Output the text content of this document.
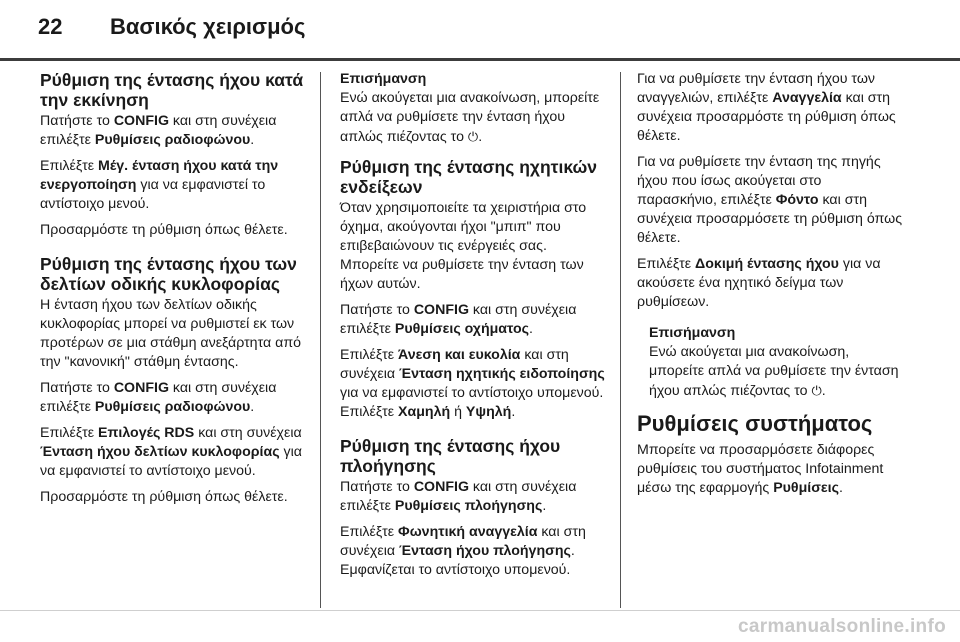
22 Βασικός χειρισμός
Ρύθμιση της έντασης ήχου κατά την εκκίνηση

Πατήστε το CONFIG και στη συνέχεια επιλέξτε Ρυθμίσεις ραδιοφώνου.

Επιλέξτε Μέγ. ένταση ήχου κατά την ενεργοποίηση για να εμφανιστεί το αντίστοιχο μενού.

Προσαρμόστε τη ρύθμιση όπως θέλετε.

Ρύθμιση της έντασης ήχου των δελτίων οδικής κυκλοφορίας

Η ένταση ήχου των δελτίων οδικής κυκλοφορίας μπορεί να ρυθμιστεί εκ των προτέρων σε μια στάθμη ανεξάρτητα από την "κανονική" στάθμη έντασης.

Πατήστε το CONFIG και στη συνέχεια επιλέξτε Ρυθμίσεις ραδιοφώνου.

Επιλέξτε Επιλογές RDS και στη συνέχεια Ένταση ήχου δελτίων κυκλοφορίας για να εμφανιστεί το αντίστοιχο μενού.

Προσαρμόστε τη ρύθμιση όπως θέλετε.

Επισήμανση
Ενώ ακούγεται μια ανακοίνωση, μπορείτε απλά να ρυθμίσετε την ένταση ήχου απλώς πιέζοντας το ⏻.
Ρύθμιση της έντασης ηχητικών ενδείξεων

Όταν χρησιμοποιείτε τα χειριστήρια στο όχημα, ακούγονται ήχοι "μπιπ" που επιβεβαιώνουν τις ενέργειές σας. Μπορείτε να ρυθμίσετε την ένταση των ήχων αυτών.

Πατήστε το CONFIG και στη συνέχεια επιλέξτε Ρυθμίσεις οχήματος.

Επιλέξτε Άνεση και ευκολία και στη συνέχεια Ένταση ηχητικής ειδοποίησης για να εμφανιστεί το αντίστοιχο υπομενού. Επιλέξτε Χαμηλή ή Υψηλή.

Ρύθμιση της έντασης ήχου πλοήγησης

Πατήστε το CONFIG και στη συνέχεια επιλέξτε Ρυθμίσεις πλοήγησης.

Επιλέξτε Φωνητική αναγγελία και στη συνέχεια Ένταση ήχου πλοήγησης. Εμφανίζεται το αντίστοιχο υπομενού.

Για να ρυθμίσετε την ένταση ήχου των αναγγελιών, επιλέξτε Αναγγελία και στη συνέχεια προσαρμόστε τη ρύθμιση όπως θέλετε.

Για να ρυθμίσετε την ένταση της πηγής ήχου που ίσως ακούγεται στο παρασκήνιο, επιλέξτε Φόντο και στη συνέχεια προσαρμόσετε τη ρύθμιση όπως θέλετε.

Επιλέξτε Δοκιμή έντασης ήχου για να ακούσετε ένα ηχητικό δείγμα των ρυθμίσεων.

Επισήμανση
Ενώ ακούγεται μια ανακοίνωση, μπορείτε απλά να ρυθμίσετε την ένταση ήχου απλώς πιέζοντας το ⏻.
Ρυθμίσεις συστήματος

Μπορείτε να προσαρμόσετε διάφορες ρυθμίσεις του συστήματος Infotainment μέσω της εφαρμογής Ρυθμίσεις.

carmanualsonline.info
